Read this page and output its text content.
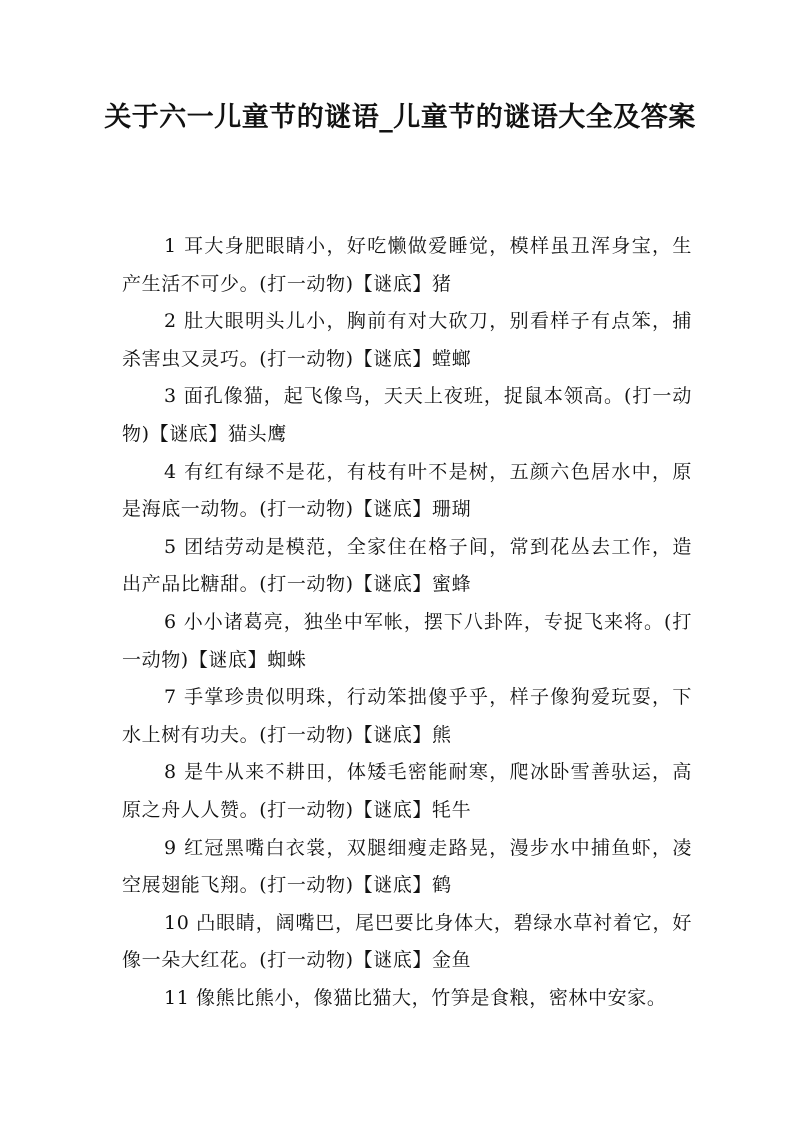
关于六一儿童节的谜语_儿童节的谜语大全及答案

1 耳大身肥眼睛小，好吃懒做爱睡觉，模样虽丑浑身宝，生产生活不可少。(打一动物)【谜底】猪

2 肚大眼明头儿小，胸前有对大砍刀，别看样子有点笨，捕杀害虫又灵巧。(打一动物)【谜底】螳螂

3 面孔像猫，起飞像鸟，天天上夜班，捉鼠本领高。(打一动物)【谜底】猫头鹰

4 有红有绿不是花，有枝有叶不是树，五颜六色居水中，原是海底一动物。(打一动物)【谜底】珊瑚

5 团结劳动是模范，全家住在格子间，常到花丛去工作，造出产品比糖甜。(打一动物)【谜底】蜜蜂

6 小小诸葛亮，独坐中军帐，摆下八卦阵，专捉飞来将。(打一动物)【谜底】蜘蛛

7 手掌珍贵似明珠，行动笨拙傻乎乎，样子像狗爱玩耍，下水上树有功夫。(打一动物)【谜底】熊

8 是牛从来不耕田，体矮毛密能耐寒，爬冰卧雪善驮运，高原之舟人人赞。(打一动物)【谜底】牦牛

9 红冠黑嘴白衣裳，双腿细瘦走路晃，漫步水中捕鱼虾，凌空展翅能飞翔。(打一动物)【谜底】鹤

10 凸眼睛，阔嘴巴，尾巴要比身体大，碧绿水草衬着它，好像一朵大红花。(打一动物)【谜底】金鱼

11 像熊比熊小，像猫比猫大，竹笋是食粮，密林中安家。
